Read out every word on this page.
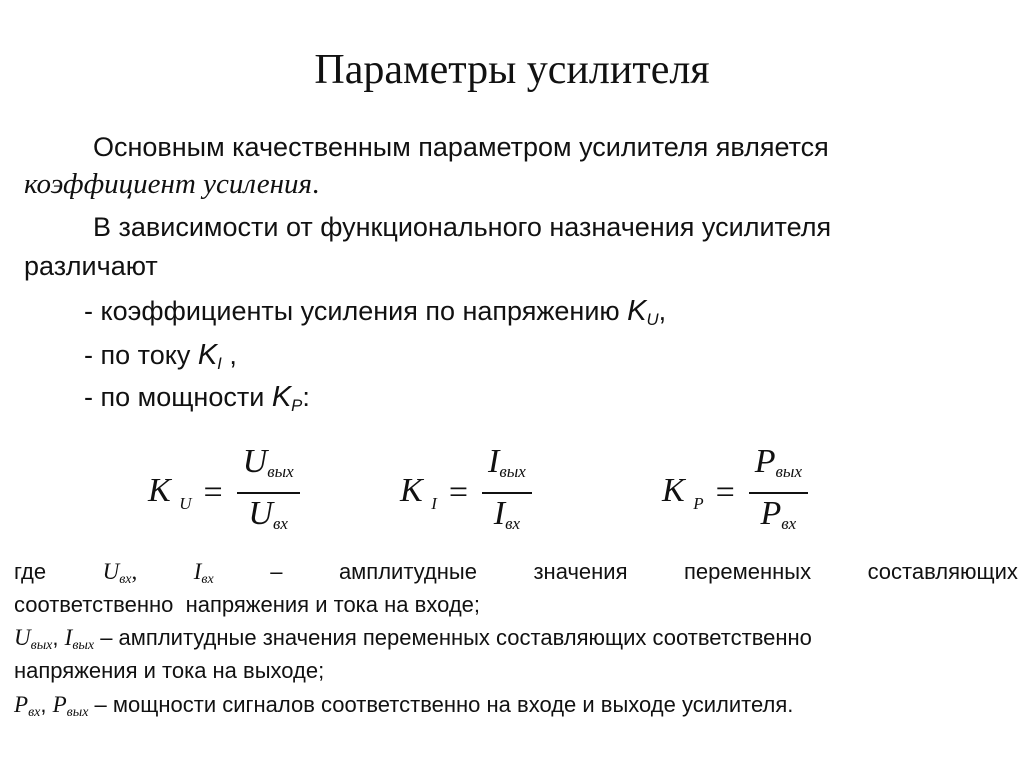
Параметры усилителя
Основным качественным параметром усилителя является
коэффициент усиления.
В зависимости от функционального назначения усилителя
различают
- коэффициенты усиления по напряжению $K_U$,
- по току $K_I$ ,
- по мощности $K_P$:
K $_U = \frac{\text{Uвых}}{\text{Uвх}}$	K $_I = \frac{\text{Iвых}}{\text{Iвх}}$	K $_P = \frac{\text{Pвых}}{\text{Pвх}}$
где $U_{вх}$, $I_{вх}$	–	амплитудные	значения	переменных	составляющих
соответственно  напряжения и тока на входе;
$U_{вых}$, $I_{вых}$ – амплитудные значения переменных составляющих соответственно
напряжения и тока на выходе;
$P_{вх}$, $P_{вых}$ – мощности сигналов соответственно на входе и выходе усилителя.
